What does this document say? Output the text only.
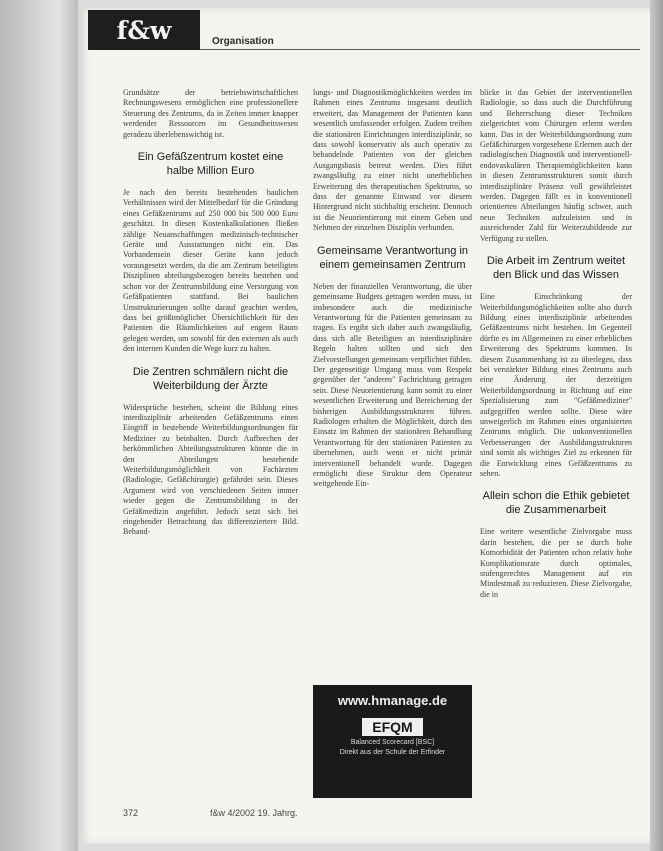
f&w	Organisation

Grundsätze der betriebswirtschaftlichen Rechnungswesens ermöglichen eine professionellere Steuerung des Zentrums, da in Zeiten immer knapper werdender Ressourcen im Gesundheitswesen geradezu überlebenswichtig ist.

Ein Gefäßzentrum kostet eine halbe Million Euro

Je nach den bereits bestehenden baulichen Verhältnissen wird der Mittelbedarf für die Gründung eines Gefäßzentrums auf 250 000 bis 500 000 Euro geschätzt. In diesen Kostenkalkulationen fließen zählige Neuanschaffungen medizinisch-technischer Geräte und Ausstattungen nicht ein. Das Vorhandensein dieser Geräte kann jedoch vorausgesetzt werden, da die am Zentrum beteiligten Disziplinen abteilungsbezogen bereits bestehen und schon vor der Zentrumsbildung eine Versorgung von Gefäßpatienten stattfand. Bei baulichen Umstrukturierungen sollte darauf geachtet werden, dass bei größtmöglicher Übersichtlichkeit für den Patienten die Räumlichkeiten auf engem Raum gelegen werden, um sowohl für den externen als auch den internen Kunden die Wege kurz zu halten.

Die Zentren schmälern nicht die Weiterbildung der Ärzte

Widersprüche bestehen, scheint die Bildung eines interdisziplinär arbeitenden Gefäßzentrums einen Eingriff in bestehende Weiterbildungsordnungen für Mediziner zu beinhalten. Durch Aufbrechen der herkömmlichen Abteilungsstrukturen könnte die in den Abteilungen bestehende Weiterbildungsmöglichkeit von Fachärzten (Radiologie, Gefäßchirurgie) gefährdet sein. Dieses Argument wird von verschiedenen Seiten immer wieder gegen die Zentrumsbildung in der Gefäßmedizin angeführt. Jedoch setzt sich bei eingehender Betrachtung das differenziertere Bild. Behand-

lungs- und Diagnostikmöglichkeiten werden im Rahmen eines Zentrums insgesamt deutlich erweitert, das Management der Patienten kann wesentlich umfassender erfolgen. Zudem treiben die stationären Einrichtungen interdisziplinär, so dass sowohl konservativ als auch operativ zu behandelnde Patienten von der gleichen Ausgangsbasis betreut werden. Dies führt zwangsläufig zu einer nicht unerheblichen Erweiterung des therapeutischen Spektrums, so dass der genannte Einwand vor diesem Hintergrund nicht stichhaltig erscheint. Dennoch ist die Neuorientierung mit einem Geben und Nehmen der einzelnen Disziplin verbunden.

Gemeinsame Verantwortung in einem gemeinsamen Zentrum

Neben der finanziellen Verantwortung, die über gemeinsame Budgets getragen werden muss, ist insbesondere auch die medizinische Verantwortung für die Patienten gemeinsam zu tragen. Es ergibt sich daher auch zwangsläufig, dass sich alle Beteiligten an interdisziplinäre Regeln halten sollten und sich den Zielvorstellungen gemeinsam verpflichtet fühlen. Der gegenseitige Umgang muss vom Respekt gegenüber der "anderen" Fachrichtung getragen sein. Diese Neuorientierung kann somit zu einer wesentlichen Erweiterung und Bereicherung der bisherigen Ausbildungsstrukturen führen. Radiologen erhalten die Möglichkeit, durch den Einsatz im Rahmen der stationären Behandlung Verantwortung für den stationären Patienten zu übernehmen, auch wenn er nicht primär interventionell behandelt wurde. Dagegen ermöglicht diese Struktur dem Operateur weitgehende Ein-

www.hmanage.de
EFQM
Balanced Scorecard [BSC]
Direkt aus der Schule der Erfinder

blicke in das Gebiet der interventionellen Radiologie, so dass auch die Durchführung und Beherrschung dieser Techniken zielgerichtet vom Chirurgen erlernt werden kann. Das in der Weiterbildungsordnung zum Gefäßchirurgen vorgesehene Erlernen auch der radiologischen Diagnostik und interventionell-endovaskulären Therapiemöglichkeiten kann in diesen Zentrumsstrukturen somit durch interdisziplinäre Präsenz voll gewährleistet werden. Dagegen fällt es in konventionell orientierten Abteilungen häufig schwer, auch neue Techniken aufzuleisten und in ausreichender Zahl für Weiterzubildende zur Verfügung zu stellen.

Die Arbeit im Zentrum weitet den Blick und das Wissen

Eine Einschränkung der Weiterbildungsmöglichkeiten sollte also durch Bildung eines interdisziplinär arbeitenden Gefäßzentrums nicht bestehen. Im Gegenteil dürfte es im Allgemeinen zu einer erheblichen Erweiterung des Spektrums kommen. In diesem Zusammenhang ist zu überlegen, dass bei verstärkter Bildung eines Zentrums auch eine Änderung der derzeitigen Weiterbildungsordnung in Richtung auf eine Spezialisierung zum "Gefäßmediziner" aufgegriffen werden sollte. Diese wäre unweigerlich im Rahmen eines organisierten Zentrums möglich. Die unkonventionellen Verbesserungen der Ausbildungsstrukturen sind somit als wichtiges Ziel zu erkennen für die Entwicklung eines Gefäßzentrums zu sehen.

Allein schon die Ethik gebietet die Zusammenarbeit

Eine weitere wesentliche Zielvorgabe muss darin bestehen, die per se durch hohe Komorbidität der Patienten schon relativ hohe Komplikationsrate durch optimales, stufengerechtes Management auf ein Mindestmaß zu reduzieren. Diese Zielvorgabe, die in

372	f&w 4/2002 19. Jahrg.
